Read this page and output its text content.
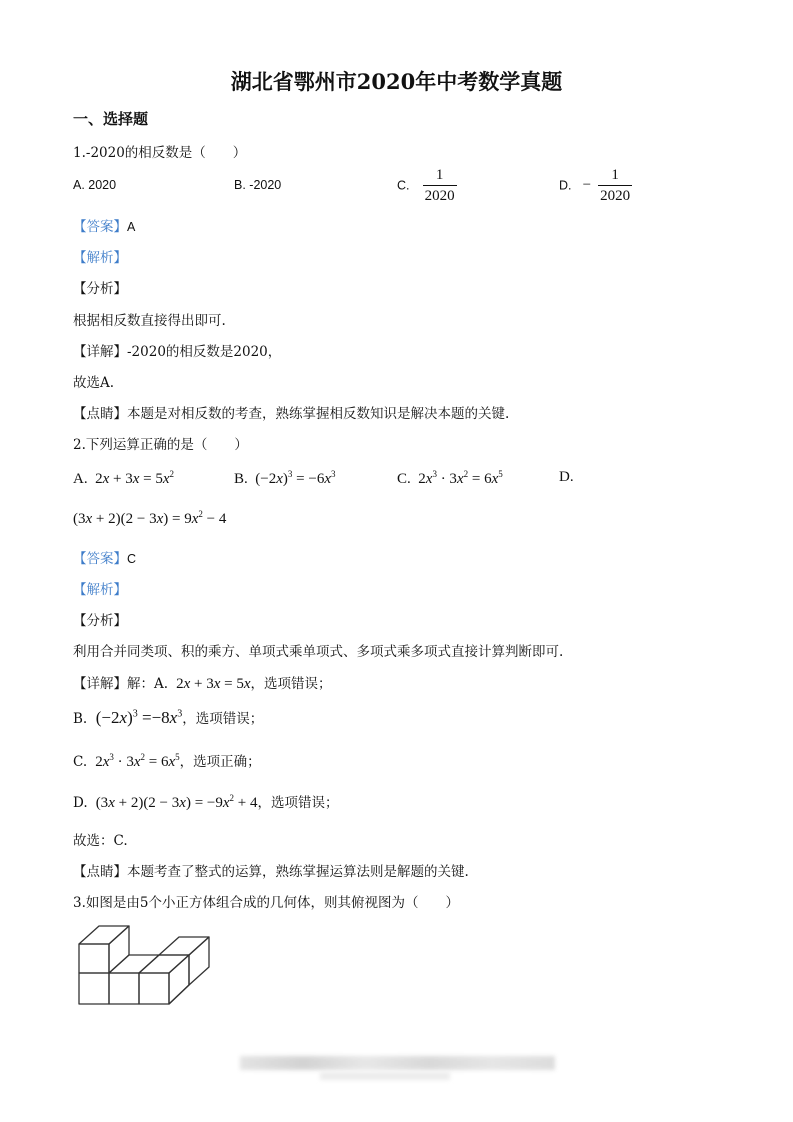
湖北省鄂州市2020年中考数学真题
一、选择题
1.-2020的相反数是（　　）
A. 2020	B. -2020	C. $\frac{1}{2020}$	D. − $\frac{1}{2020}$
【答案】A
【解析】
【分析】
根据相反数直接得出即可.
【详解】-2020的相反数是2020，
故选A.
【点睛】本题是对相反数的考查，熟练掌握相反数知识是解决本题的关键.
2.下列运算正确的是（　　）
A.  $2x + 3x = 5x^2$	B.  $(-2x)^3 = -6x^3$	C.  $2x^3 \cdot 3x^2 = 6x^5$	D.
$(3x + 2)(2 - 3x) = 9x^2 - 4$
【答案】C
【解析】
【分析】
利用合并同类项、积的乘方、单项式乘单项式、多项式乘多项式直接计算判断即可.
【详解】解：A.  2x + 3x = 5x，选项错误；
B.  $(-2x)^3 =-8x^3$，选项错误；
C.  $2x^3 \cdot 3x^2 = 6x^5$，选项正确；
D.  $(3x + 2)(2 - 3x) = -9x^2 + 4$，选项错误；
故选：C.
【点睛】本题考查了整式的运算，熟练掌握运算法则是解题的关键.
3.如图是由5个小正方体组合成的几何体，则其俯视图为（　　）
